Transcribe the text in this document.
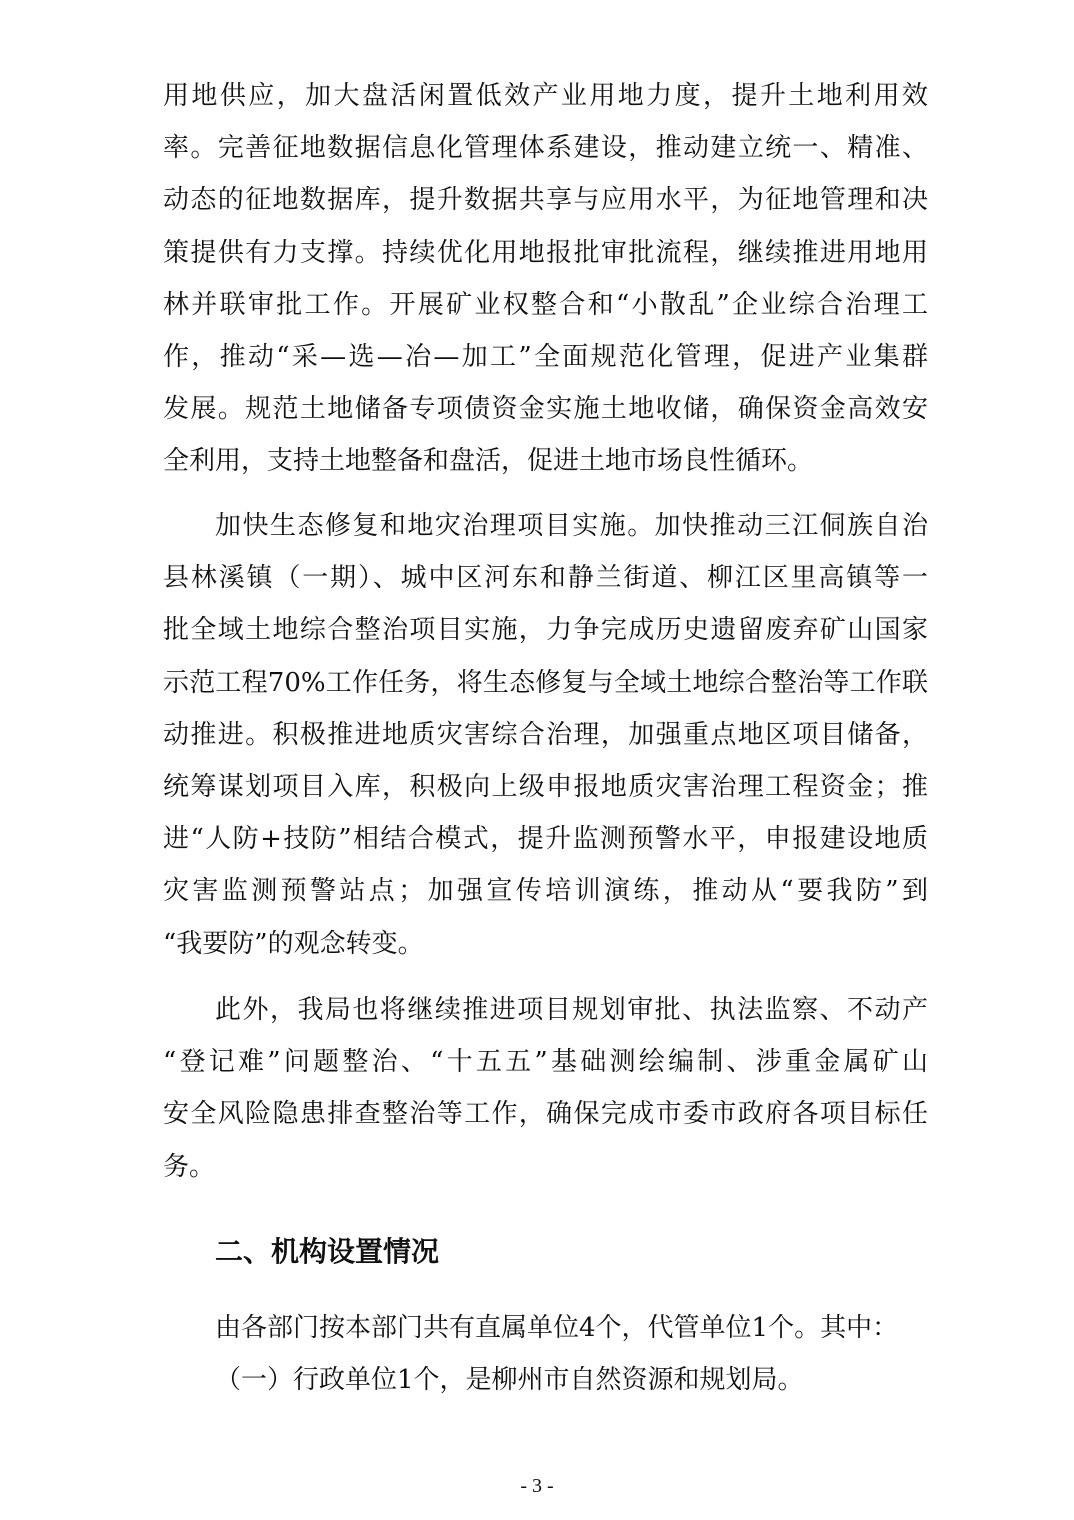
用地供应，加大盘活闲置低效产业用地力度，提升土地利用效
率。完善征地数据信息化管理体系建设，推动建立统一、精准、
动态的征地数据库，提升数据共享与应用水平，为征地管理和决
策提供有力支撑。持续优化用地报批审批流程，继续推进用地用
林并联审批工作。开展矿业权整合和“小散乱”企业综合治理工
作，推动“采—选—冶—加工”全面规范化管理，促进产业集群
发展。规范土地储备专项债资金实施土地收储，确保资金高效安
全利用，支持土地整备和盘活，促进土地市场良性循环。
加快生态修复和地灾治理项目实施。加快推动三江侗族自治
县林溪镇（一期）、城中区河东和静兰街道、柳江区里高镇等一
批全域土地综合整治项目实施，力争完成历史遗留废弃矿山国家
示范工程70%工作任务，将生态修复与全域土地综合整治等工作联
动推进。积极推进地质灾害综合治理，加强重点地区项目储备，
统筹谋划项目入库，积极向上级申报地质灾害治理工程资金；推
进“人防+技防”相结合模式，提升监测预警水平，申报建设地质
灾害监测预警站点；加强宣传培训演练，推动从“要我防”到
“我要防”的观念转变。
此外，我局也将继续推进项目规划审批、执法监察、不动产
“登记难”问题整治、“十五五”基础测绘编制、涉重金属矿山
安全风险隐患排查整治等工作，确保完成市委市政府各项目标任
务。
二、机构设置情况
由各部门按本部门共有直属单位4个，代管单位1个。其中：
（一）行政单位1个，是柳州市自然资源和规划局。
- 3 -
